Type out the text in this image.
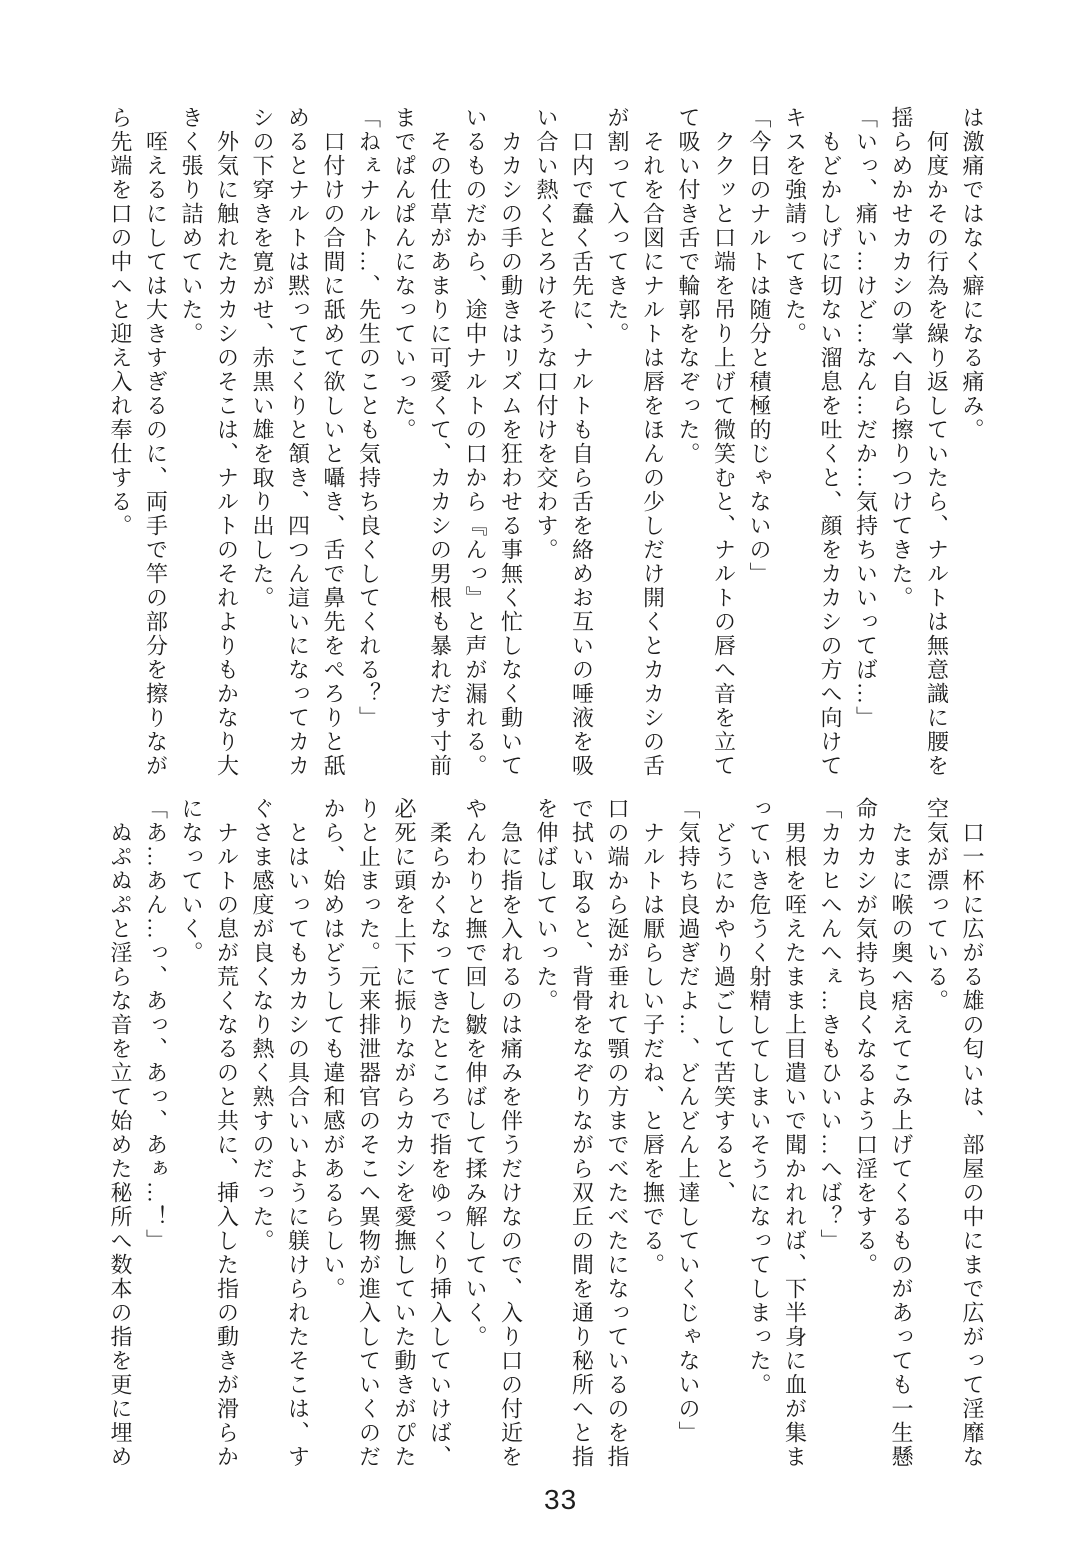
は激痛ではなく癖になる痛み。
何度かその行為を繰り返していたら、ナルトは無意識に腰を
揺らめかせカカシの掌へ自ら擦りつけてきた。
「いっ、痛い…けど…なん…だか…気持ちいいってば…」
もどかしげに切ない溜息を吐くと、顔をカカシの方へ向けて
キスを強請ってきた。
「今日のナルトは随分と積極的じゃないの」
ククッと口端を吊り上げて微笑むと、ナルトの唇へ音を立て
て吸い付き舌で輪郭をなぞった。
それを合図にナルトは唇をほんの少しだけ開くとカカシの舌
が割って入ってきた。
口内で蠢く舌先に、ナルトも自ら舌を絡めお互いの唾液を吸
い合い熱くとろけそうな口付けを交わす。
カカシの手の動きはリズムを狂わせる事無く忙しなく動いて
いるものだから、途中ナルトの口から『んっ』と声が漏れる。
その仕草があまりに可愛くて、カカシの男根も暴れだす寸前
までぱんぱんになっていった。
「ねぇナルト…、先生のことも気持ち良くしてくれる？」
口付けの合間に舐めて欲しいと囁き、舌で鼻先をぺろりと舐
めるとナルトは黙ってこくりと頷き、四つん這いになってカカ
シの下穿きを寛がせ、赤黒い雄を取り出した。
外気に触れたカカシのそこは、ナルトのそれよりもかなり大
きく張り詰めていた。
咥えるにしては大きすぎるのに、両手で竿の部分を擦りなが
ら先端を口の中へと迎え入れ奉仕する。
口一杯に広がる雄の匂いは、部屋の中にまで広がって淫靡な
空気が漂っている。
たまに喉の奥へ痞えてこみ上げてくるものがあっても一生懸
命カカシが気持ち良くなるよう口淫をする。
「カカヒへんへぇ…きもひいい…へば？」
男根を咥えたまま上目遣いで聞かれれば、下半身に血が集ま
っていき危うく射精してしまいそうになってしまった。
どうにかやり過ごして苦笑すると、
「気持ち良過ぎだよ…、どんどん上達していくじゃないの」
ナルトは厭らしい子だね、と唇を撫でる。
口の端から涎が垂れて顎の方までべたべたになっているのを指
で拭い取ると、背骨をなぞりながら双丘の間を通り秘所へと指
を伸ばしていった。
急に指を入れるのは痛みを伴うだけなので、入り口の付近を
やんわりと撫で回し皺を伸ばして揉み解していく。
柔らかくなってきたところで指をゆっくり挿入していけば、
必死に頭を上下に振りながらカカシを愛撫していた動きがぴた
りと止まった。元来排泄器官のそこへ異物が進入していくのだ
から、始めはどうしても違和感があるらしい。
とはいってもカカシの具合いいように躾けられたそこは、す
ぐさま感度が良くなり熱く熟すのだった。
ナルトの息が荒くなるのと共に、挿入した指の動きが滑らか
になっていく。
「あ…あん…っ、あっ、あっ、あぁ…！」
ぬぷぬぷと淫らな音を立て始めた秘所へ数本の指を更に埋め
33
